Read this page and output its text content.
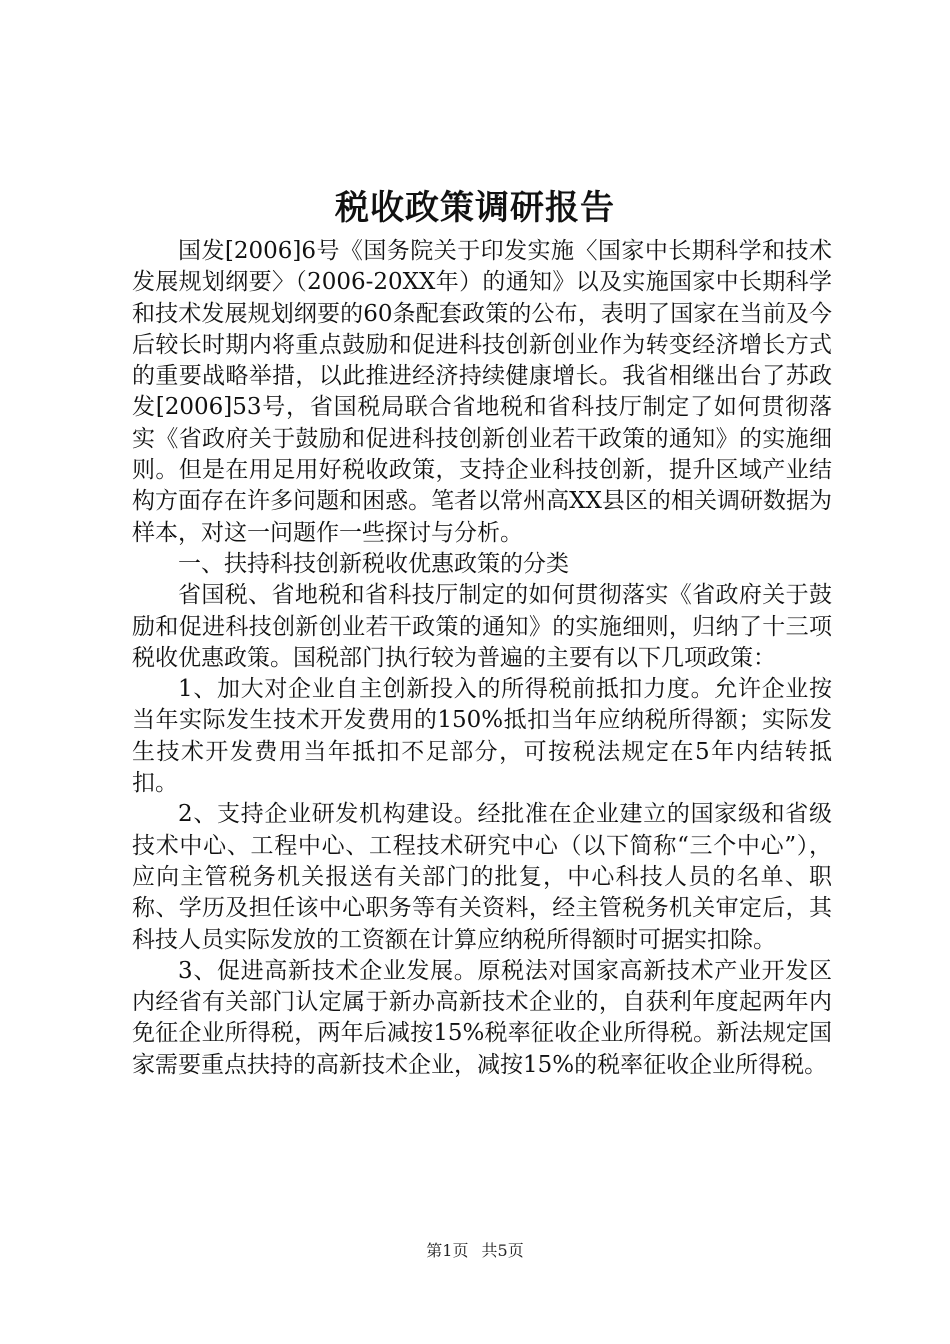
税收政策调研报告

国发[2006]6号《国务院关于印发实施〈国家中长期科学和技术发展规划纲要〉（2006-20XX年）的通知》以及实施国家中长期科学和技术发展规划纲要的60条配套政策的公布，表明了国家在当前及今后较长时期内将重点鼓励和促进科技创新创业作为转变经济增长方式的重要战略举措，以此推进经济持续健康增长。我省相继出台了苏政发[2006]53号，省国税局联合省地税和省科技厅制定了如何贯彻落实《省政府关于鼓励和促进科技创新创业若干政策的通知》的实施细则。但是在用足用好税收政策，支持企业科技创新，提升区域产业结构方面存在许多问题和困惑。笔者以常州高XX县区的相关调研数据为样本，对这一问题作一些探讨与分析。

一、扶持科技创新税收优惠政策的分类

省国税、省地税和省科技厅制定的如何贯彻落实《省政府关于鼓励和促进科技创新创业若干政策的通知》的实施细则，归纳了十三项税收优惠政策。国税部门执行较为普遍的主要有以下几项政策：

1、加大对企业自主创新投入的所得税前抵扣力度。允许企业按当年实际发生技术开发费用的150%抵扣当年应纳税所得额；实际发生技术开发费用当年抵扣不足部分，可按税法规定在5年内结转抵扣。

2、支持企业研发机构建设。经批准在企业建立的国家级和省级技术中心、工程中心、工程技术研究中心（以下简称“三个中心”），应向主管税务机关报送有关部门的批复，中心科技人员的名单、职称、学历及担任该中心职务等有关资料，经主管税务机关审定后，其科技人员实际发放的工资额在计算应纳税所得额时可据实扣除。

3、促进高新技术企业发展。原税法对国家高新技术产业开发区内经省有关部门认定属于新办高新技术企业的，自获利年度起两年内免征企业所得税，两年后减按15%税率征收企业所得税。新法规定国家需要重点扶持的高新技术企业，减按15%的税率征收企业所得税。

第1页 共5页
